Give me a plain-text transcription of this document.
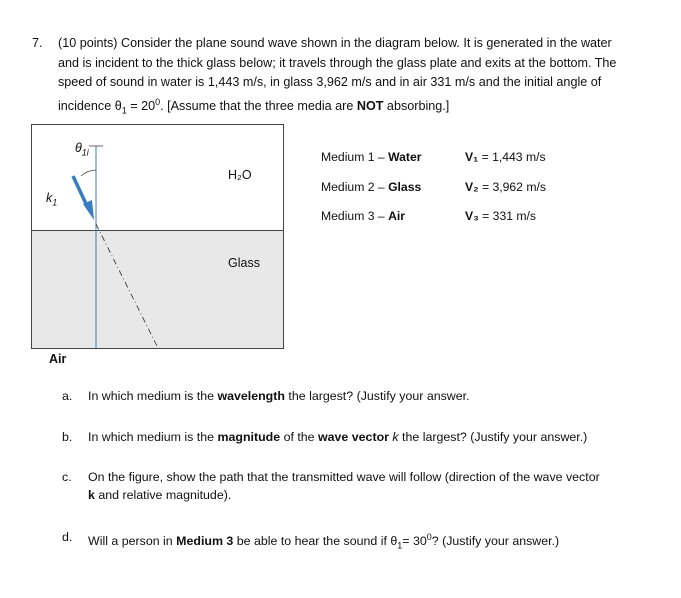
7. (10 points) Consider the plane sound wave shown in the diagram below. It is generated in the water

and is incident to the thick glass below; it travels through the glass plate and exits at the bottom. The

speed of sound in water is 1,443 m/s, in glass 3,962 m/s and in air 331 m/s and the initial angle of

incidence $\theta_1 = 20^0$. [Assume that the three media are NOT absorbing.]

$\theta_{1i}$
$k_1$
H₂O
Glass
Air
Medium 1 – Water	V₁ = 1,443 m/s
Medium 2 – Glass	V₂ = 3,962 m/s
Medium 3 – Air	V₃ = 331 m/s
a. In which medium is the wavelength the largest? (Justify your answer.
b. In which medium is the magnitude of the wave vector k the largest? (Justify your answer.)
c. On the figure, show the path that the transmitted wave will follow (direction of the wave vector
k and relative magnitude).
d. Will a person in Medium 3 be able to hear the sound if $\theta_1= 30^0$? (Justify your answer.)
